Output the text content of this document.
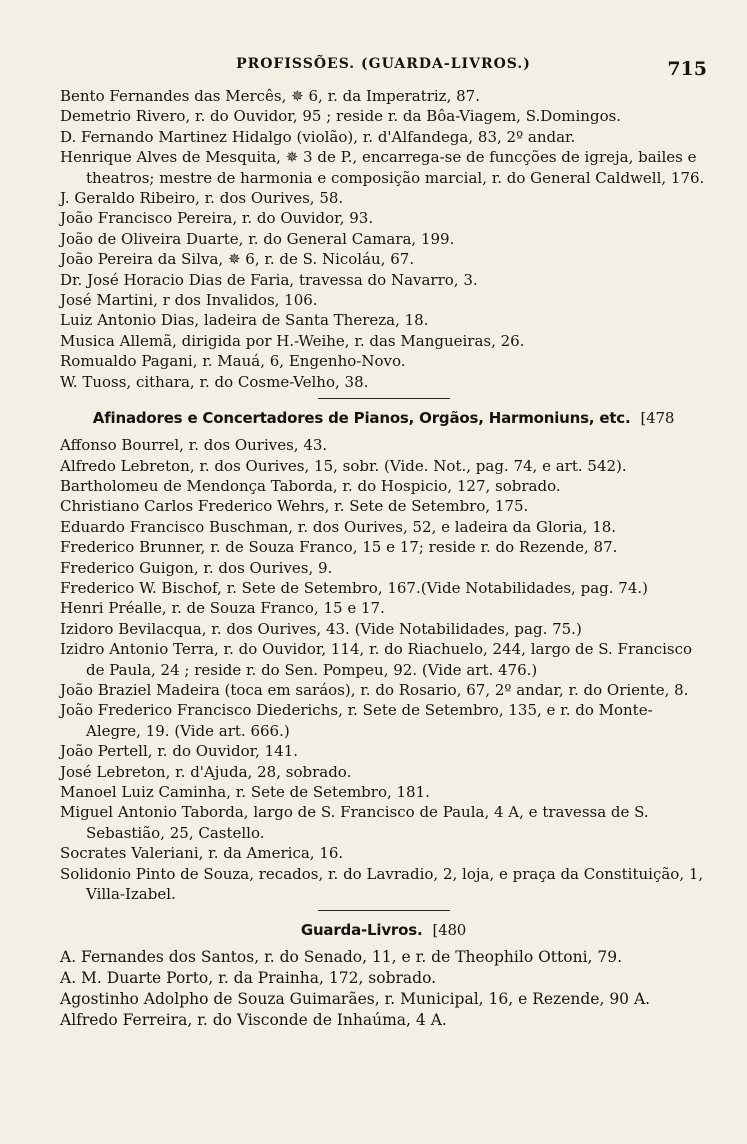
PROFISSÕES. (GUARDA-LIVROS.)	715

Bento Fernandes das Mercês, ✵ 6, r. da Imperatriz, 87.

Demetrio Rivero, r. do Ouvidor, 95 ; reside r. da Bôa-Viagem, S.Domingos.

D. Fernando Martinez Hidalgo (violão), r. d'Alfandega, 83, 2º andar.

Henrique Alves de Mesquita, ✵ 3 de P., encarrega-se de funcções de igreja, bailes e theatros; mestre de harmonia e composição marcial, r. do General Caldwell, 176.

J. Geraldo Ribeiro, r. dos Ourives, 58.

João Francisco Pereira, r. do Ouvidor, 93.

João de Oliveira Duarte, r. do General Camara, 199.

João Pereira da Silva, ✵ 6, r. de S. Nicoláu, 67.

Dr. José Horacio Dias de Faria, travessa do Navarro, 3.

José Martini, r dos Invalidos, 106.

Luiz Antonio Dias, ladeira de Santa Thereza, 18.

Musica Allemã, dirigida por H.-Weihe, r. das Mangueiras, 26.

Romualdo Pagani, r. Mauá, 6, Engenho-Novo.

W. Tuoss, cithara, r. do Cosme-Velho, 38.

Afinadores e Concertadores de Pianos, Orgãos, Harmoniuns, etc. [478

Affonso Bourrel, r. dos Ourives, 43.

Alfredo Lebreton, r. dos Ourives, 15, sobr. (Vide. Not., pag. 74, e art. 542).

Bartholomeu de Mendonça Taborda, r. do Hospicio, 127, sobrado.

Christiano Carlos Frederico Wehrs, r. Sete de Setembro, 175.

Eduardo Francisco Buschman, r. dos Ourives, 52, e ladeira da Gloria, 18.

Frederico Brunner, r. de Souza Franco, 15 e 17; reside r. do Rezende, 87.

Frederico Guigon, r. dos Ourives, 9.

Frederico W. Bischof, r. Sete de Setembro, 167.(Vide Notabilidades, pag. 74.)

Henri Préalle, r. de Souza Franco, 15 e 17.

Izidoro Bevilacqua, r. dos Ourives, 43. (Vide Notabilidades, pag. 75.)

Izidro Antonio Terra, r. do Ouvidor, 114, r. do Riachuelo, 244, largo de S. Francisco de Paula, 24 ; reside r. do Sen. Pompeu, 92. (Vide art. 476.)

João Braziel Madeira (toca em saráos), r. do Rosario, 67, 2º andar, r. do Oriente, 8.

João Frederico Francisco Diederichs, r. Sete de Setembro, 135, e r. do Monte-Alegre, 19. (Vide art. 666.)

João Pertell, r. do Ouvidor, 141.

José Lebreton, r. d'Ajuda, 28, sobrado.

Manoel Luiz Caminha, r. Sete de Setembro, 181.

Miguel Antonio Taborda, largo de S. Francisco de Paula, 4 A, e travessa de S. Sebastião, 25, Castello.

Socrates Valeriani, r. da America, 16.

Solidonio Pinto de Souza, recados, r. do Lavradio, 2, loja, e praça da Constituição, 1, Villa-Izabel.

Guarda-Livros. [480

A. Fernandes dos Santos, r. do Senado, 11, e r. de Theophilo Ottoni, 79.

A. M. Duarte Porto, r. da Prainha, 172, sobrado.

Agostinho Adolpho de Souza Guimarães, r. Municipal, 16, e Rezende, 90 A.

Alfredo Ferreira, r. do Visconde de Inhaúma, 4 A.
